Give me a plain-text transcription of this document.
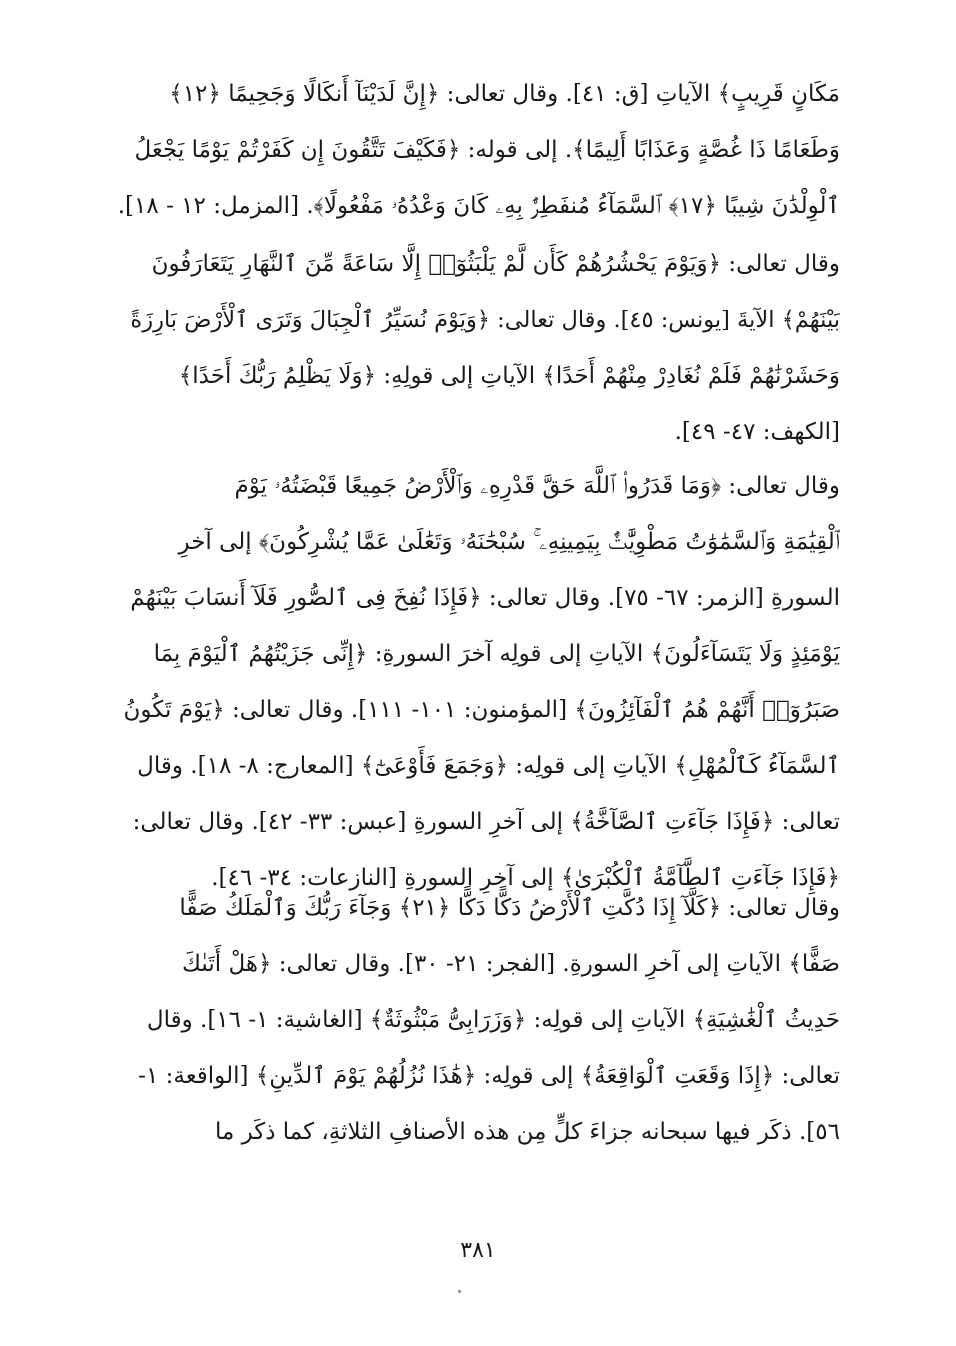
مَكَانٍ قَرِيبٍ﴾ الآياتِ [ق: ٤١]. وقال تعالى: ﴿إِنَّ لَدَيْنَآ أَنكَالًا وَجَحِيمًا ﴿١٢﴾
وَطَعَامًا ذَا غُصَّةٍ وَعَذَابًا أَلِيمًا﴾. إلى قوله: ﴿فَكَيْفَ تَتَّقُونَ إِن كَفَرْتُمْ يَوْمًا يَجْعَلُ
ٱلْوِلْدَٰنَ شِيبًا ﴿١٧﴾ ٱلسَّمَآءُ مُنفَطِرٌۢ بِهِۦ كَانَ وَعْدُهُۥ مَفْعُولًا﴾. [المزمل: ١٢ - ١٨].
وقال تعالى: ﴿وَيَوْمَ يَحْشُرُهُمْ كَأَن لَّمْ يَلْبَثُوٓا۟ إِلَّا سَاعَةً مِّنَ ٱلنَّهَارِ يَتَعَارَفُونَ
بَيْنَهُمْ﴾ الآيةَ [يونس: ٤٥]. وقال تعالى: ﴿وَيَوْمَ نُسَيِّرُ ٱلْجِبَالَ وَتَرَى ٱلْأَرْضَ بَارِزَةً
وَحَشَرْنَٰهُمْ فَلَمْ نُغَادِرْ مِنْهُمْ أَحَدًا﴾ الآياتِ إلى قولِهِ: ﴿وَلَا يَظْلِمُ رَبُّكَ أَحَدًا﴾
[الكهف: ٤٧- ٤٩].
وقال تعالى: ﴿وَمَا قَدَرُوا۟ ٱللَّهَ حَقَّ قَدْرِهِۦ وَٱلْأَرْضُ جَمِيعًا قَبْضَتُهُۥ يَوْمَ
ٱلْقِيَٰمَةِ وَٱلسَّمَٰوَٰتُ مَطْوِيَّٰتٌۢ بِيَمِينِهِۦ ۚ سُبْحَٰنَهُۥ وَتَعَٰلَىٰ عَمَّا يُشْرِكُونَ﴾ إلى آخرِ
السورةِ [الزمر: ٦٧- ٧٥]. وقال تعالى: ﴿فَإِذَا نُفِخَ فِى ٱلصُّورِ فَلَآ أَنسَابَ بَيْنَهُمْ
يَوْمَئِذٍ وَلَا يَتَسَآءَلُونَ﴾ الآياتِ إلى قولِه آخرَ السورةِ: ﴿إِنِّى جَزَيْتُهُمُ ٱلْيَوْمَ بِمَا
صَبَرُوٓا۟ أَنَّهُمْ هُمُ ٱلْفَآئِزُونَ﴾ [المؤمنون: ١٠١- ١١١]. وقال تعالى: ﴿يَوْمَ تَكُونُ
ٱلسَّمَآءُ كَٱلْمُهْلِ﴾ الآياتِ إلى قولِه: ﴿وَجَمَعَ فَأَوْعَىٰٓ﴾ [المعارج: ٨- ١٨]. وقال
تعالى: ﴿فَإِذَا جَآءَتِ ٱلصَّآخَّةُ﴾ إلى آخرِ السورةِ [عبس: ٣٣- ٤٢]. وقال تعالى:
﴿فَإِذَا جَآءَتِ ٱلطَّآمَّةُ ٱلْكُبْرَىٰ﴾ إلى آخرِ السورةِ [النازعات: ٣٤- ٤٦].
وقال تعالى: ﴿كَلَّآ إِذَا دُكَّتِ ٱلْأَرْضُ دَكًّا دَكًّا ﴿٢١﴾ وَجَآءَ رَبُّكَ وَٱلْمَلَكُ صَفًّا
صَفًّا﴾ الآياتِ إلى آخرِ السورةِ. [الفجر: ٢١- ٣٠]. وقال تعالى: ﴿هَلْ أَتَىٰكَ
حَدِيثُ ٱلْغَٰشِيَةِ﴾ الآياتِ إلى قولِه: ﴿وَزَرَابِىُّ مَبْثُوثَةٌ﴾ [الغاشية: ١- ١٦]. وقال
تعالى: ﴿إِذَا وَقَعَتِ ٱلْوَاقِعَةُ﴾ إلى قولِه: ﴿هَٰذَا نُزُلُهُمْ يَوْمَ ٱلدِّينِ﴾ [الواقعة: ١-
٥٦]. ذكَر فيها سبحانه جزاءَ كلٍّ مِن هذه الأصنافِ الثلاثةِ، كما ذكَر ما
٣٨١
